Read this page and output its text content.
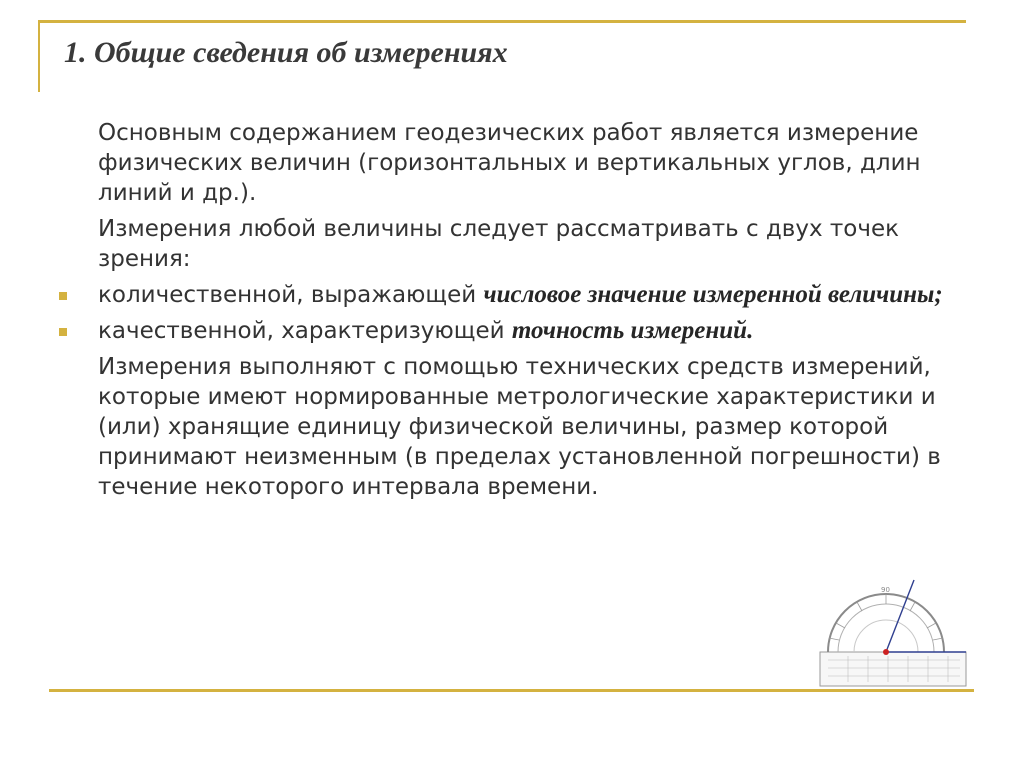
1. Общие сведения об измерениях

Основным содержанием геодезических работ является измерение физических величин (горизонтальных и вертикальных углов, длин линий и др.).

Измерения любой величины следует рассматривать с двух точек зрения:

количественной, выражающей числовое значение измеренной величины;
качественной, характеризующей точность измерений.

Измерения выполняют с помощью технических средств измерений, которые имеют нормированные метрологические характеристики и (или) хранящие единицу физической величины, размер которой принимают неизменным (в пределах установленной погрешности) в течение некоторого интервала времени.

90
